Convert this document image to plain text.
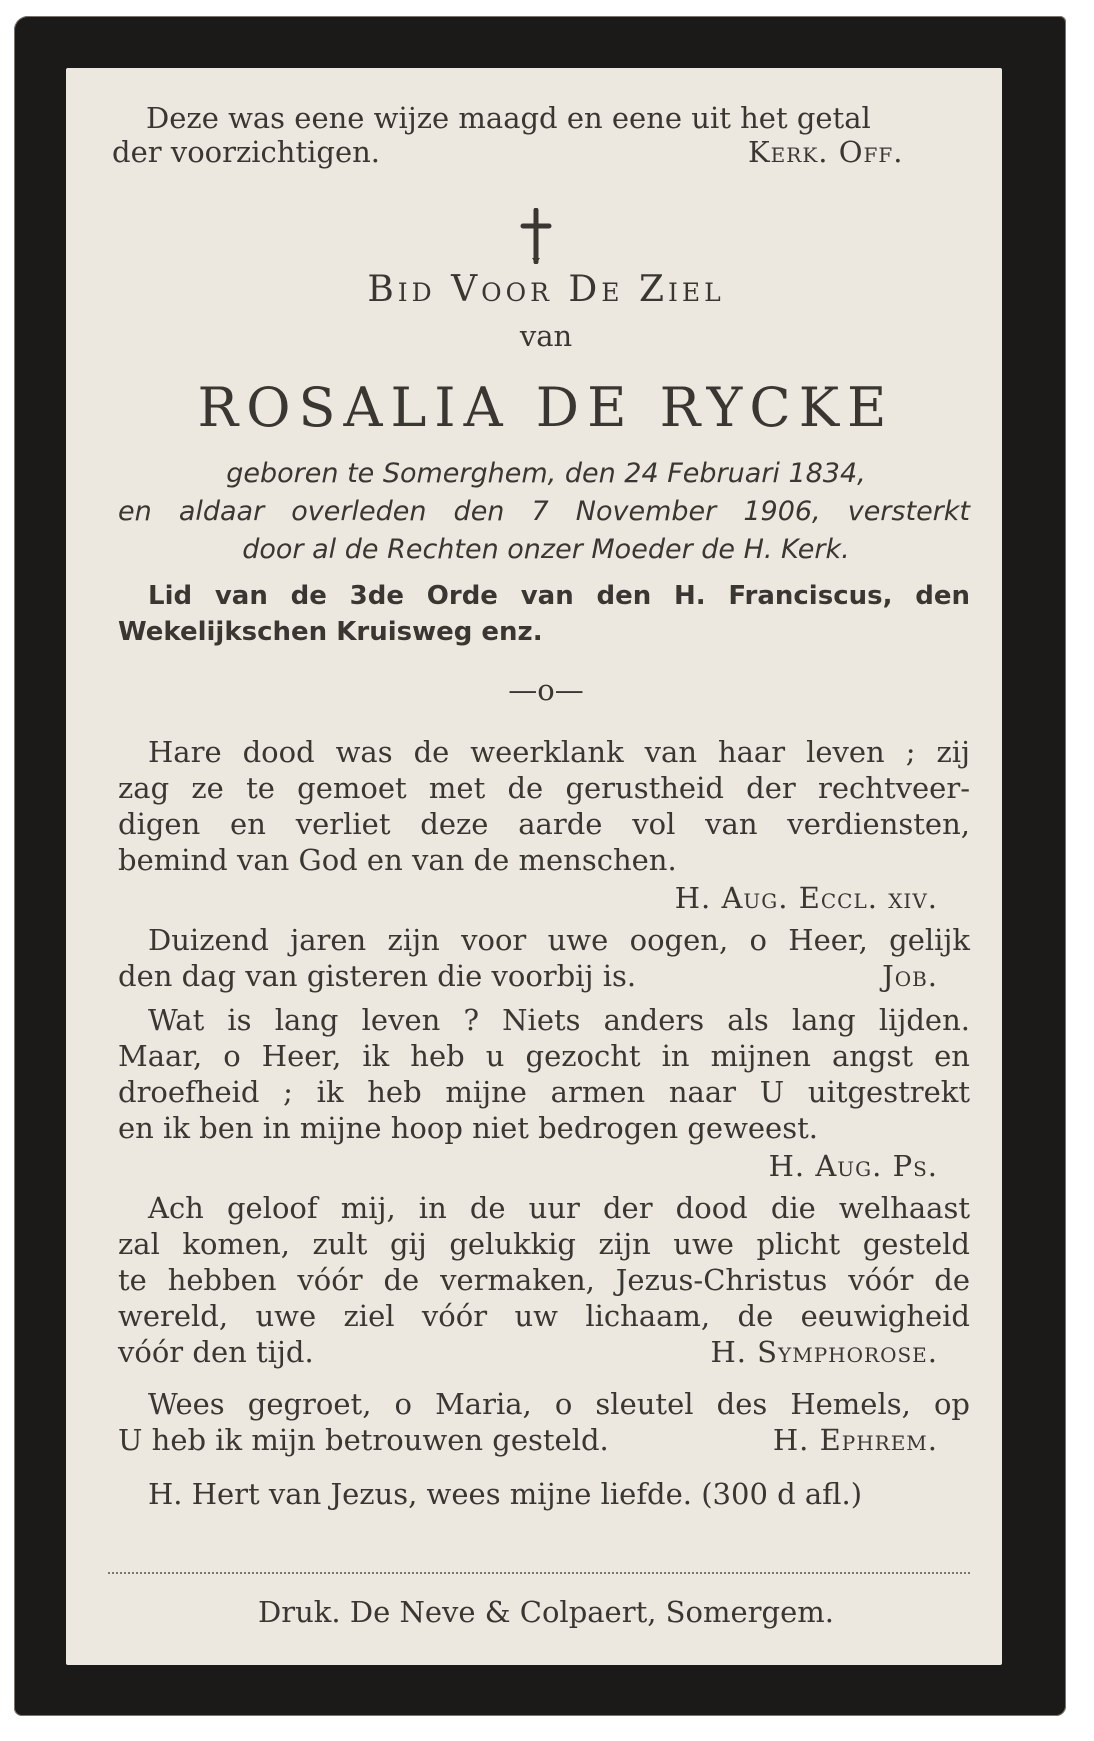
Deze was eene wijze maagd en eene uit het getal
der voorzichtigen.	Kerk. Off.
Bid Voor De Ziel
van
ROSALIA DE RYCKE
geboren te Somerghem, den 24 Februari 1834,
en aldaar overleden den 7 November 1906, versterkt
door al de Rechten onzer Moeder de H. Kerk.
Lid van de 3de Orde van den H. Franciscus, den
Wekelijkschen Kruisweg enz.
—o—
Hare dood was de weerklank van haar leven ; zij
zag ze te gemoet met de gerustheid der rechtveer-
digen en verliet deze aarde vol van verdiensten,
bemind van God en van de menschen.
H. Aug. Eccl. xiv.
Duizend jaren zijn voor uwe oogen, o Heer, gelijk
den dag van gisteren die voorbij is.	Job.
Wat is lang leven ? Niets anders als lang lijden.
Maar, o Heer, ik heb u gezocht in mijnen angst en
droefheid ; ik heb mijne armen naar U uitgestrekt
en ik ben in mijne hoop niet bedrogen geweest.
H. Aug. Ps.
Ach geloof mij, in de uur der dood die welhaast
zal komen, zult gij gelukkig zijn uwe plicht gesteld
te hebben vóór de vermaken, Jezus-Christus vóór de
wereld, uwe ziel vóór uw lichaam, de eeuwigheid
vóór den tijd.	H. Symphorose.
Wees gegroet, o Maria, o sleutel des Hemels, op
U heb ik mijn betrouwen gesteld.	H. Ephrem.
H. Hert van Jezus, wees mijne liefde. (300 d afl.)
Druk. De Neve & Colpaert, Somergem.
